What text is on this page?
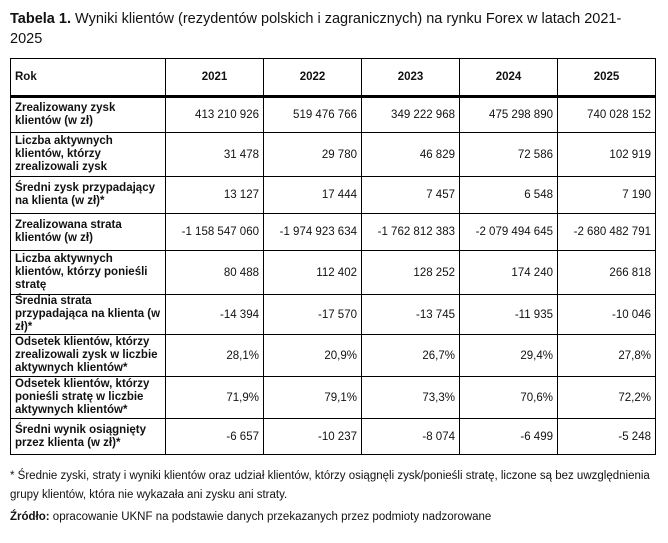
Tabela 1. Wyniki klientów (rezydentów polskich i zagranicznych) na rynku Forex w latach 2021-2025
Rok	2021	2022	2023	2024	2025
Zrealizowany zysk klientów (w zł)	413 210 926	519 476 766	349 222 968	475 298 890	740 028 152
Liczba aktywnych klientów, którzy zrealizowali zysk	31 478	29 780	46 829	72 586	102 919
Średni zysk przypadający na klienta (w zł)*	13 127	17 444	7 457	6 548	7 190
Zrealizowana strata klientów (w zł)	-1 158 547 060	-1 974 923 634	-1 762 812 383	-2 079 494 645	-2 680 482 791
Liczba aktywnych klientów, którzy ponieśli stratę	80 488	112 402	128 252	174 240	266 818
Średnia strata przypadająca na klienta (w zł)*	-14 394	-17 570	-13 745	-11 935	-10 046
Odsetek klientów, którzy zrealizowali zysk w liczbie aktywnych klientów*	28,1%	20,9%	26,7%	29,4%	27,8%
Odsetek klientów, którzy ponieśli stratę w liczbie aktywnych klientów*	71,9%	79,1%	73,3%	70,6%	72,2%
Średni wynik osiągnięty przez klienta (w zł)*	-6 657	-10 237	-8 074	-6 499	-5 248
* Średnie zyski, straty i wyniki klientów oraz udział klientów, którzy osiągnęli zysk/ponieśli stratę, liczone są bez uwzględnienia grupy klientów, która nie wykazała ani zysku ani straty.
Źródło: opracowanie UKNF na podstawie danych przekazanych przez podmioty nadzorowane
